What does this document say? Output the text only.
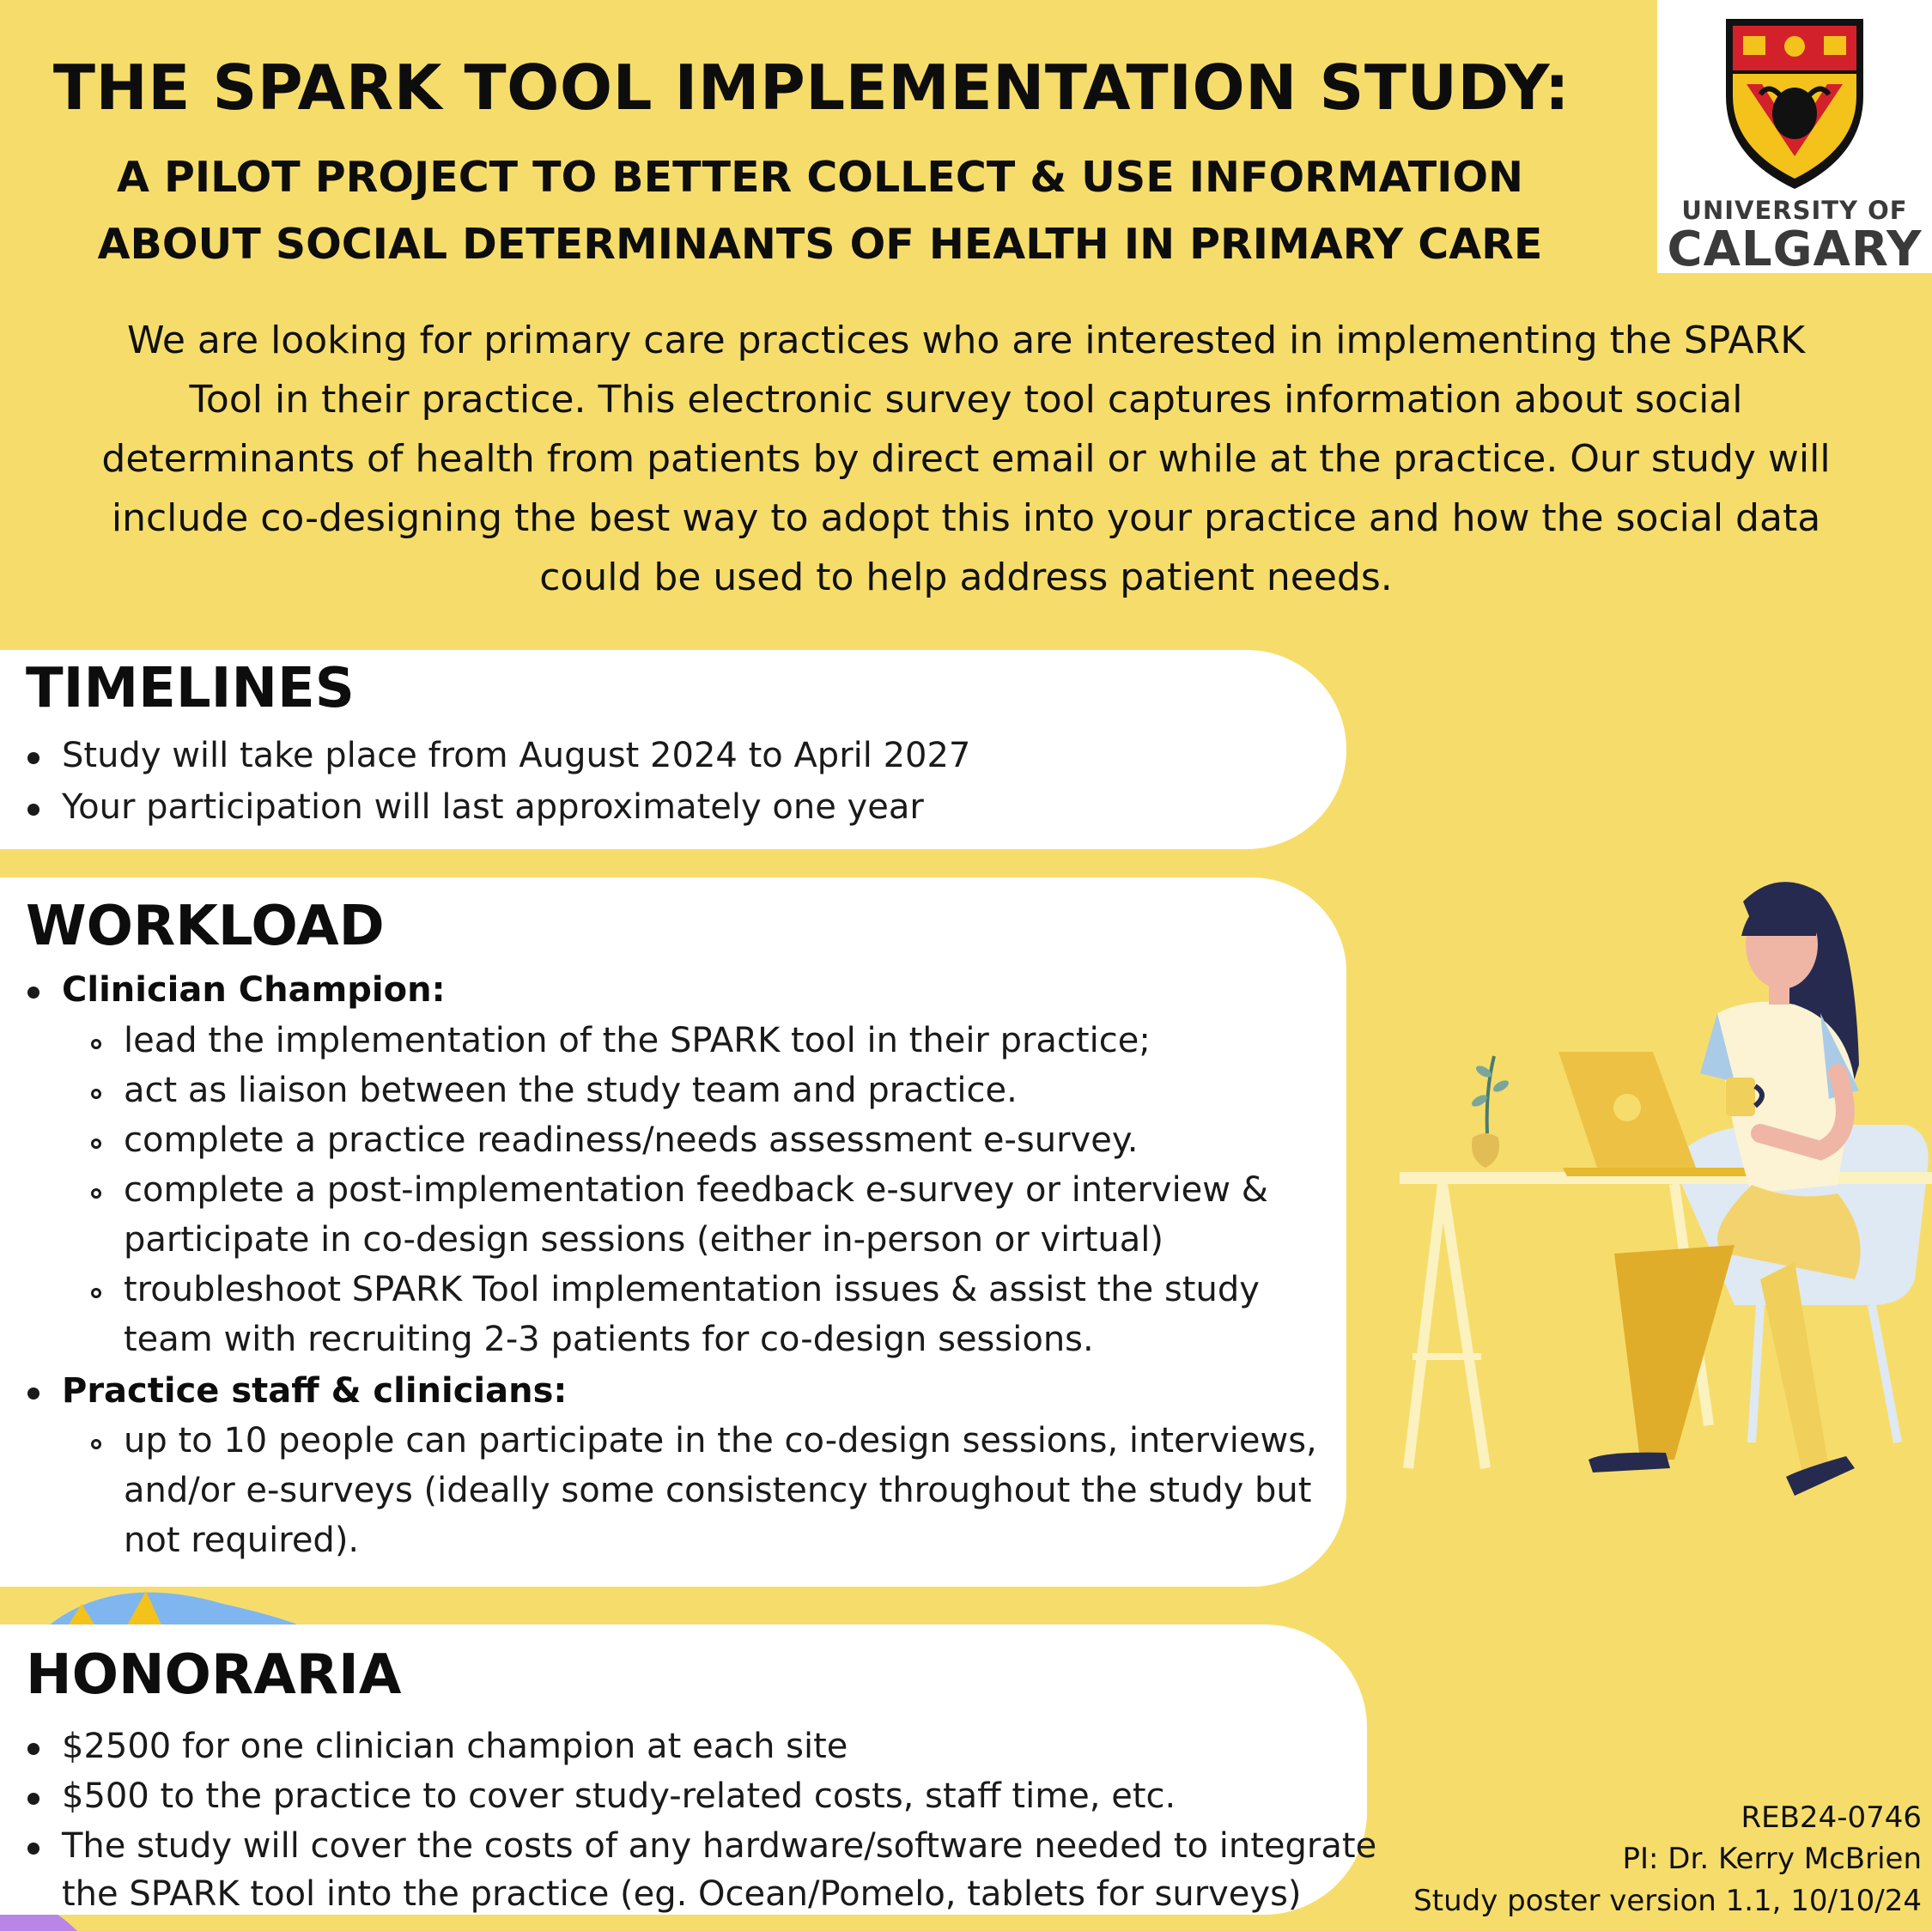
THE SPARK TOOL IMPLEMENTATION STUDY:
A PILOT PROJECT TO BETTER COLLECT & USE INFORMATION
ABOUT SOCIAL DETERMINANTS OF HEALTH IN PRIMARY CARE
UNIVERSITY OF
CALGARY
We are looking for primary care practices who are interested in implementing the SPARK
Tool in their practice. This electronic survey tool captures information about social
determinants of health from patients by direct email or while at the practice. Our study will
include co-designing the best way to adopt this into your practice and how the social data
could be used to help address patient needs.
TIMELINES
Study will take place from August 2024 to April 2027
Your participation will last approximately one year
WORKLOAD
Clinician Champion:
lead the implementation of the SPARK tool in their practice;
act as liaison between the study team and practice.
complete a practice readiness/needs assessment e-survey.
complete a post-implementation feedback e-survey or interview &
participate in co-design sessions (either in-person or virtual)
troubleshoot SPARK Tool implementation issues & assist the study
team with recruiting 2-3 patients for co-design sessions.
Practice staff & clinicians:
up to 10 people can participate in the co-design sessions, interviews,
and/or e-surveys (ideally some consistency throughout the study but
not required).
HONORARIA
$2500 for one clinician champion at each site
$500 to the practice to cover study-related costs, staff time, etc.
The study will cover the costs of any hardware/software needed to integrate
the SPARK tool into the practice (eg. Ocean/Pomelo, tablets for surveys)
REB24-0746
PI: Dr. Kerry McBrien
Study poster version 1.1, 10/10/24
